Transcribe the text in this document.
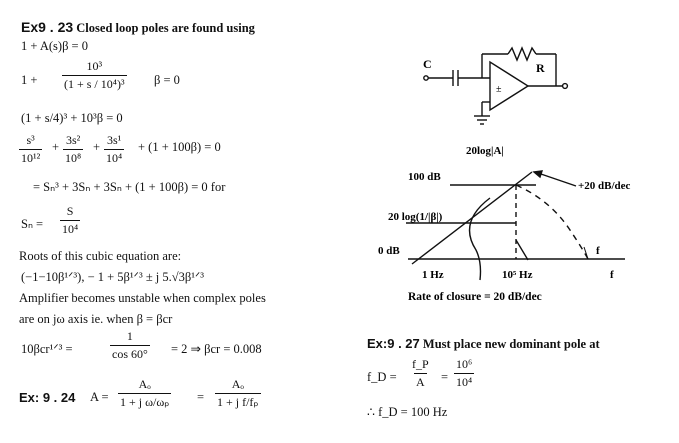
Ex9 . 23 Closed loop poles are found using
1 + A(s)β = 0
$1 + \frac{\text{10³}}{\text{(1 + s / 10⁴)³}}$ β = 0
(1 + s/4)³ + 10³β = 0
$\frac{\text{s³}}{\text{10¹²}} + \frac{\text{3s²}}{\text{10⁸}} + \frac{\text{3s¹}}{\text{10⁴}} + (1 + 100\beta) = 0$
= Sₙ³ + 3Sₙ + 3Sₙ + (1 + 100β) = 0 for
$S_n = \frac{S}{\text{10⁴}}$
Roots of this cubic equation are:
(−1−10β¹ᐟ³), − 1 + 5β¹ᐟ³ ± j 5.√3β¹ᐟ³
Amplifier becomes unstable when complex poles
are on jω axis ie. when β = βcr
10βcr¹ᐟ³ =	$\frac{1}{\cos 60^\circ} = 2$ ⇒ βcr = 0.008
Ex: 9 . 24 $A = \frac{\text{Aₒ}}{\text{1 + j ω/ωₚ}} = \frac{\text{Aₒ}}{\text{1 + j f/fₚ}}$
C	R
±
20log|A|
100 dB
+20 dB/dec
20 log(1/|β|)
0 dB	f
1 Hz	10⁵ Hz	f
Rate of closure = 20 dB/dec
Ex:9 . 27 Must place new dominant pole at
f_D = $\frac{f\_P}{A} = \frac{\text{10⁶}}{\text{10⁴}}$
∴ f_D = 100 Hz
